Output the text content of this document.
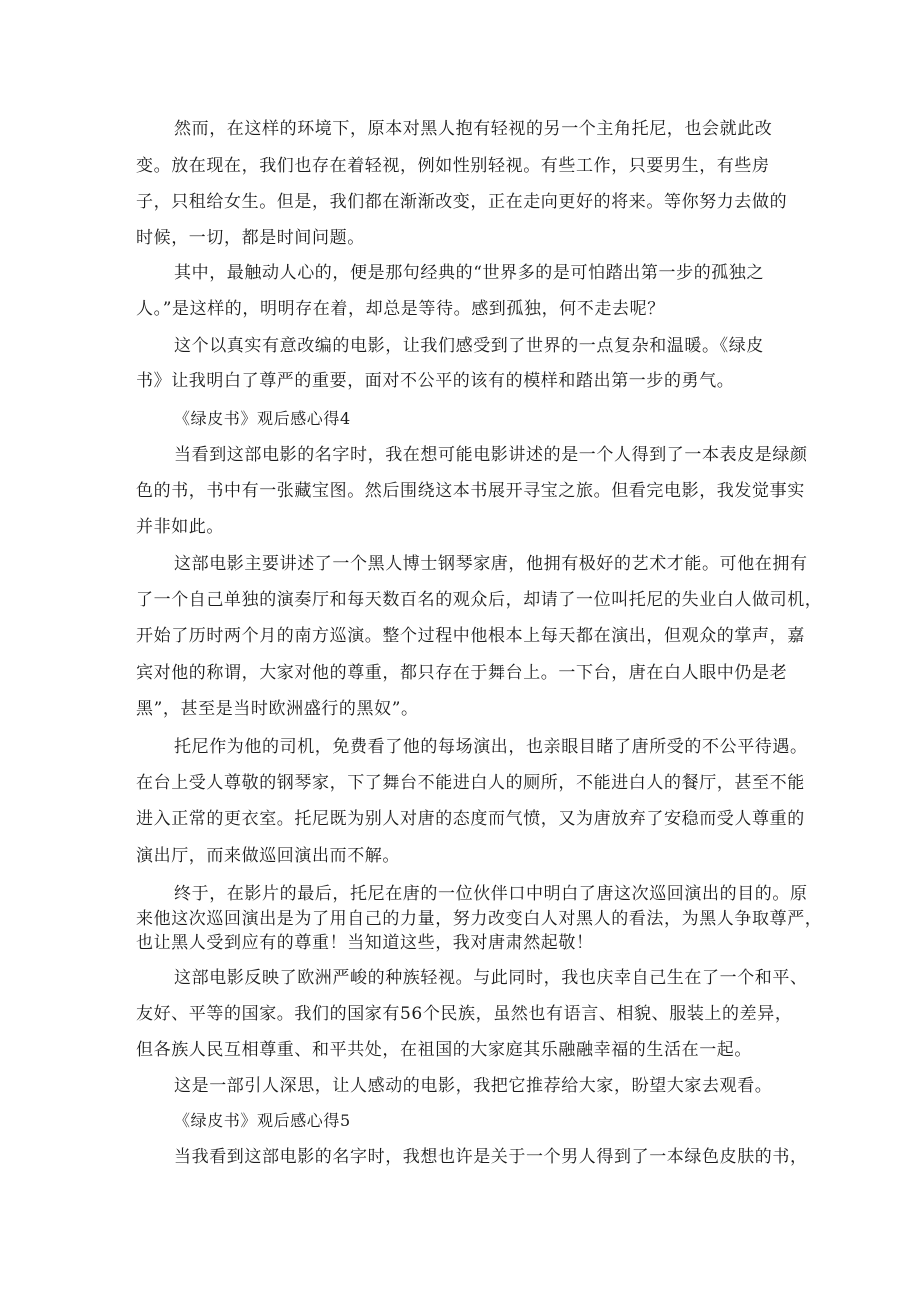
然而，在这样的环境下，原本对黑人抱有轻视的另一个主角托尼，也会就此改
变。放在现在，我们也存在着轻视，例如性别轻视。有些工作，只要男生，有些房
子，只租给女生。但是，我们都在渐渐改变，正在走向更好的将来。等你努力去做的
时候，一切，都是时间问题。
其中，最触动人心的，便是那句经典的“世界多的是可怕踏出第一步的孤独之
人。”是这样的，明明存在着，却总是等待。感到孤独，何不走去呢？
这个以真实有意改编的电影，让我们感受到了世界的一点复杂和温暖。《绿皮
书》让我明白了尊严的重要，面对不公平的该有的模样和踏出第一步的勇气。
《绿皮书》观后感心得4
当看到这部电影的名字时，我在想可能电影讲述的是一个人得到了一本表皮是绿颜
色的书，书中有一张藏宝图。然后围绕这本书展开寻宝之旅。但看完电影，我发觉事实
并非如此。
这部电影主要讲述了一个黑人博士钢琴家唐，他拥有极好的艺术才能。可他在拥有
了一个自己单独的演奏厅和每天数百名的观众后，却请了一位叫托尼的失业白人做司机，
开始了历时两个月的南方巡演。整个过程中他根本上每天都在演出，但观众的掌声，嘉
宾对他的称谓，大家对他的尊重，都只存在于舞台上。一下台，唐在白人眼中仍是老
黑”，甚至是当时欧洲盛行的黑奴”。
托尼作为他的司机，免费看了他的每场演出，也亲眼目睹了唐所受的不公平待遇。
在台上受人尊敬的钢琴家，下了舞台不能进白人的厕所，不能进白人的餐厅，甚至不能
进入正常的更衣室。托尼既为别人对唐的态度而气愤，又为唐放弃了安稳而受人尊重的
演出厅，而来做巡回演出而不解。
终于，在影片的最后，托尼在唐的一位伙伴口中明白了唐这次巡回演出的目的。原
来他这次巡回演出是为了用自己的力量，努力改变白人对黑人的看法，为黑人争取尊严，
也让黑人受到应有的尊重！当知道这些，我对唐肃然起敬！
这部电影反映了欧洲严峻的种族轻视。与此同时，我也庆幸自己生在了一个和平、
友好、平等的国家。我们的国家有56个民族，虽然也有语言、相貌、服装上的差异，
但各族人民互相尊重、和平共处，在祖国的大家庭其乐融融幸福的生活在一起。
这是一部引人深思，让人感动的电影，我把它推荐给大家，盼望大家去观看。
《绿皮书》观后感心得5
当我看到这部电影的名字时，我想也许是关于一个男人得到了一本绿色皮肤的书，
